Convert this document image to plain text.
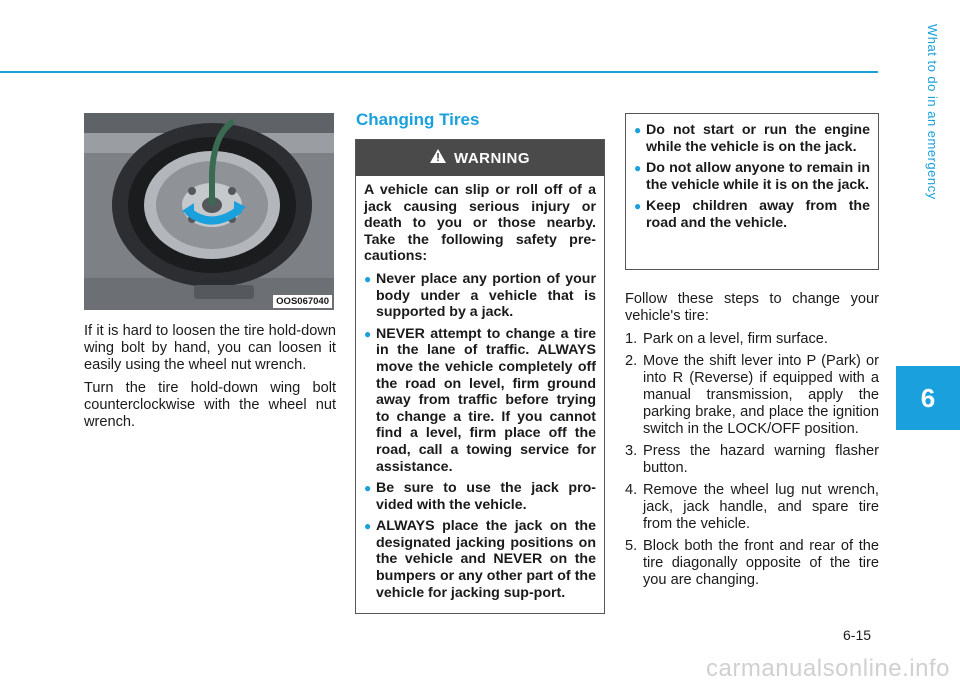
What to do in an emergency
6
OOS067040

If it is hard to loosen the tire hold-down wing bolt by hand, you can loosen it easily using the wheel nut wrench.

Turn the tire hold-down wing bolt counterclockwise with the wheel nut wrench.

Changing Tires
WARNING

A vehicle can slip or roll off of a jack causing serious injury or death to you or those nearby. Take the following safety pre-cautions:

● Never place any portion of your body under a vehicle that is supported by a jack.
● NEVER attempt to change a tire in the lane of traffic. ALWAYS move the vehicle completely off the road on level, firm ground away from traffic before trying to change a tire. If you cannot find a level, firm place off the road, call a towing service for assistance.
● Be sure to use the jack pro-vided with the vehicle.
● ALWAYS place the jack on the designated jacking positions on the vehicle and NEVER on the bumpers or any other part of the vehicle for jacking sup-port.
● Do not start or run the engine while the vehicle is on the jack.
● Do not allow anyone to remain in the vehicle while it is on the jack.
● Keep children away from the road and the vehicle.

Follow these steps to change your vehicle's tire:

1. Park on a level, firm surface.
2. Move the shift lever into P (Park) or into R (Reverse) if equipped with a manual transmission, apply the parking brake, and place the ignition switch in the LOCK/OFF position.
3. Press the hazard warning flasher button.
4. Remove the wheel lug nut wrench, jack, jack handle, and spare tire from the vehicle.
5. Block both the front and rear of the tire diagonally opposite of the tire you are changing.
6-15
carmanualsonline.info
